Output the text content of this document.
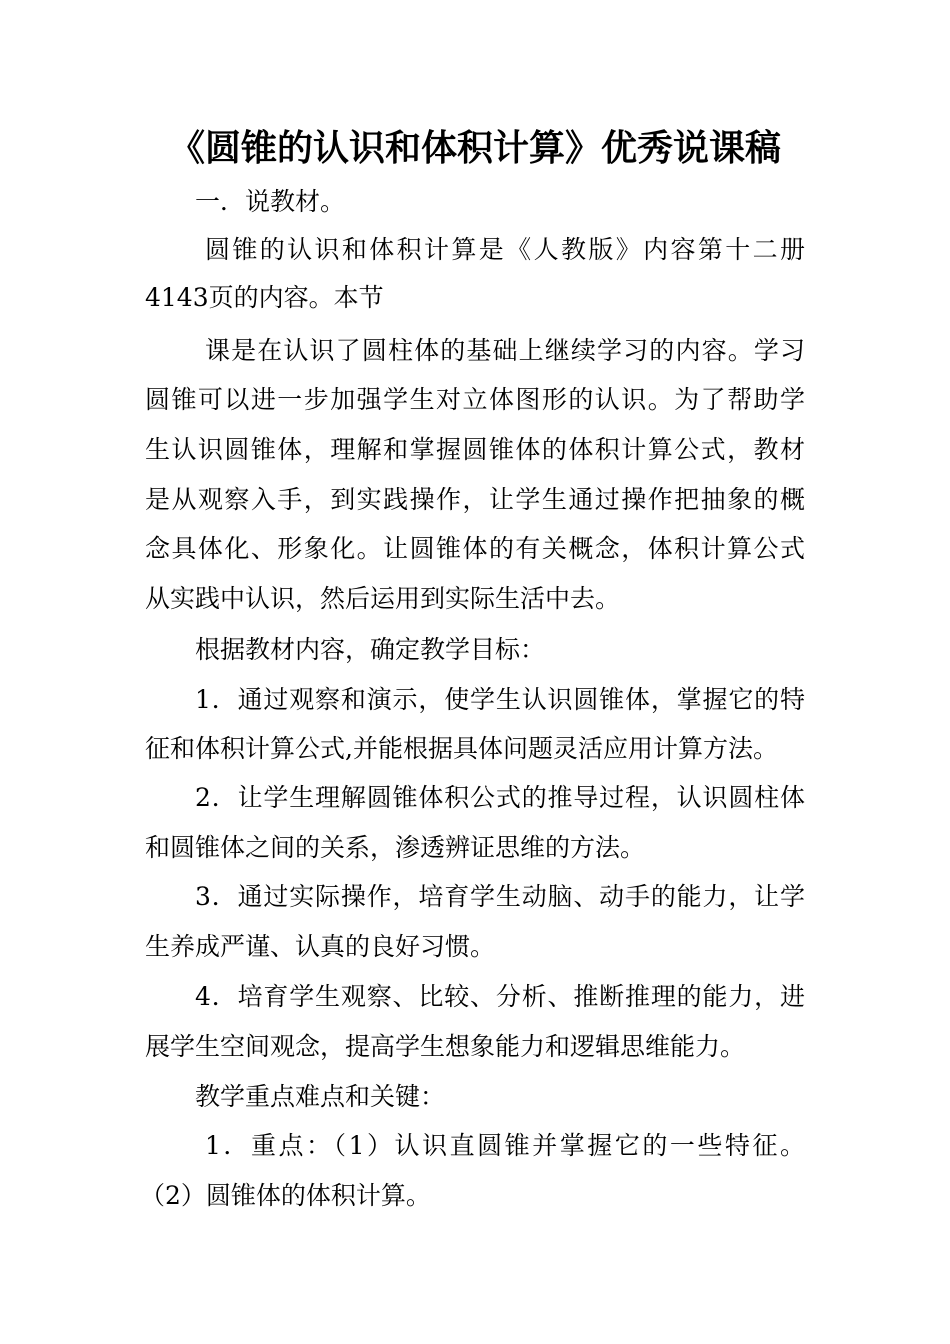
《圆锥的认识和体积计算》优秀说课稿
一．说教材。
圆锥的认识和体积计算是《人教版》内容第十二册
4143页的内容。本节
课是在认识了圆柱体的基础上继续学习的内容。学习
圆锥可以进一步加强学生对立体图形的认识。为了帮助学
生认识圆锥体，理解和掌握圆锥体的体积计算公式，教材
是从观察入手，到实践操作，让学生通过操作把抽象的概
念具体化、形象化。让圆锥体的有关概念，体积计算公式
从实践中认识，然后运用到实际生活中去。
根据教材内容，确定教学目标：
1．通过观察和演示，使学生认识圆锥体，掌握它的特
征和体积计算公式,并能根据具体问题灵活应用计算方法。
2．让学生理解圆锥体积公式的推导过程，认识圆柱体
和圆锥体之间的关系，渗透辨证思维的方法。
3．通过实际操作，培育学生动脑、动手的能力，让学
生养成严谨、认真的良好习惯。
4．培育学生观察、比较、分析、推断推理的能力，进
展学生空间观念，提高学生想象能力和逻辑思维能力。
教学重点难点和关键：
1．重点：（1）认识直圆锥并掌握它的一些特征。
（2）圆锥体的体积计算。
